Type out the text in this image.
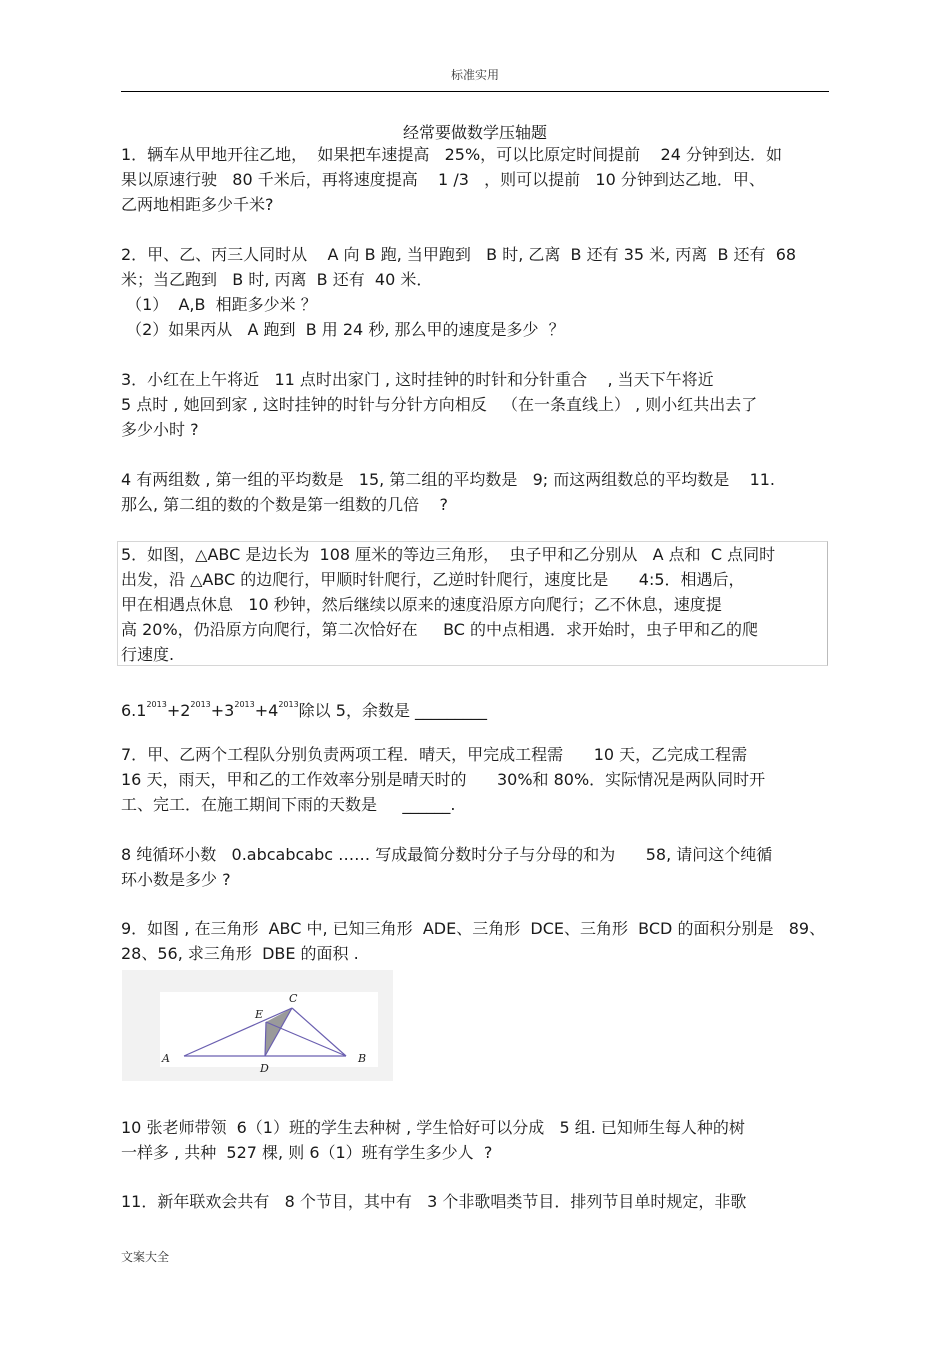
标准实用
经常要做数学压轴题
1．辆车从甲地开往乙地，  如果把车速提高   25%，可以比原定时间提前    24 分钟到达．如
果以原速行驶   80 千米后，再将速度提高    1 /3   ，则可以提前   10 分钟到达乙地．甲、
乙两地相距多少千米?
2．甲、乙、丙三人同时从    A 向 B 跑, 当甲跑到   B 时, 乙离  B 还有 35 米, 丙离  B 还有  68
米；当乙跑到   B 时, 丙离  B 还有  40 米．
（1）  A,B  相距多少米 ？
（2）如果丙从   A 跑到  B 用 24 秒, 那么甲的速度是多少  ？
3．小红在上午将近   11 点时出家门 , 这时挂钟的时针和分针重合    , 当天下午将近
5 点时 , 她回到家 , 这时挂钟的时针与分针方向相反   （在一条直线上） , 则小红共出去了
多少小时 ?
4 有两组数 , 第一组的平均数是   15, 第二组的平均数是   9; 而这两组数总的平均数是    11.
那么, 第二组的数的个数是第一组数的几倍    ?
5．如图，△ABC 是边长为  108 厘米的等边三角形，  虫子甲和乙分别从   A 点和  C 点同时
出发，沿 △ABC 的边爬行，甲顺时针爬行，乙逆时针爬行，速度比是      4:5．相遇后，
甲在相遇点休息   10 秒钟，然后继续以原来的速度沿原方向爬行；乙不休息，速度提
高 20%，仍沿原方向爬行，第二次恰好在     BC 的中点相遇．求开始时，虫子甲和乙的爬
行速度.
$6.1^{2013}+2^{2013}+3^{2013}+4^{2013}$除以 5，余数是 _________
7．甲、乙两个工程队分别负责两项工程．晴天，甲完成工程需      10 天，乙完成工程需
16 天，雨天，甲和乙的工作效率分别是晴天时的      30%和 80%．实际情况是两队同时开
工、完工．在施工期间下雨的天数是     ______.
8 纯循环小数   0.abcabcabc …… 写成最简分数时分子与分母的和为      58, 请问这个纯循
环小数是多少 ?
9．如图 , 在三角形  ABC 中, 已知三角形  ADE、三角形  DCE、三角形  BCD 的面积分别是   89、
28、56, 求三角形  DBE 的面积 .
A	B
C
D
E
10 张老师带领  6（1）班的学生去种树 , 学生恰好可以分成   5 组. 已知师生每人种的树
一样多 , 共种  527 棵, 则 6（1）班有学生多少人  ?
11．新年联欢会共有   8 个节目，其中有   3 个非歌唱类节目．排列节目单时规定，非歌
文案大全
